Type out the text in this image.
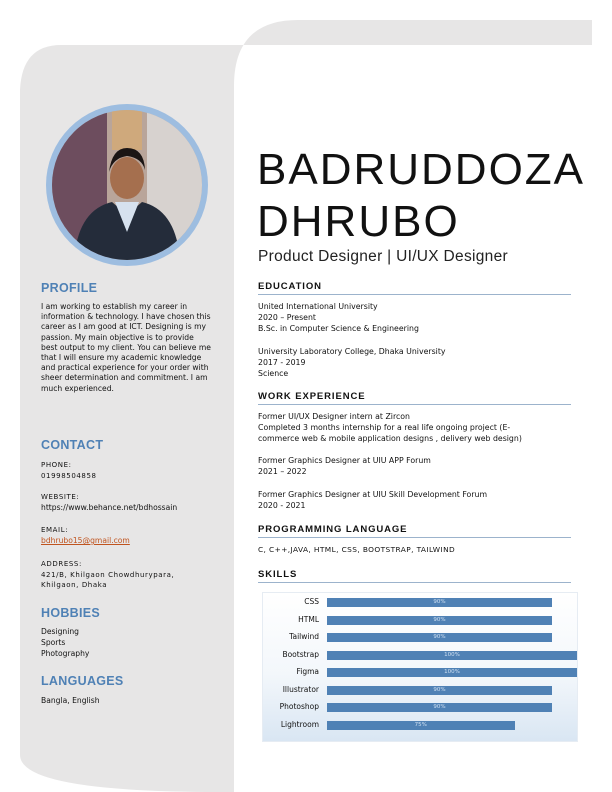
PROFILE
I am working to establish my career in information & technology. I have chosen this career as I am good at ICT. Designing is my passion. My main objective is to provide best output to my client. You can believe me that I will ensure my academic knowledge and practical experience for your order with sheer determination and commitment. I am much experienced.
CONTACT
PHONE:
01998504858
WEBSITE:
https://www.behance.net/bdhossain
EMAIL:
bdhrubo15@gmail.com
ADDRESS:
421/B, Khilgaon Chowdhurypara,
Khilgaon, Dhaka
HOBBIES
Designing
Sports
Photography
LANGUAGES
Bangla, English
BADRUDDOZA
DHRUBO
Product Designer | UI/UX Designer
EDUCATION
United International University
2020 – Present
B.Sc. in Computer Science & Engineering
University Laboratory College, Dhaka University
2017 - 2019
Science
WORK EXPERIENCE
Former UI/UX Designer intern at Zircon
Completed 3 months internship for a real life ongoing project (E-
commerce web & mobile application designs , delivery web design)
Former Graphics Designer at UIU APP Forum
2021 – 2022
Former Graphics Designer at UIU Skill Development Forum
2020 - 2021
PROGRAMMING LANGUAGE
C, C++,JAVA, HTML, CSS, BOOTSTRAP, TAILWIND
SKILLS
CSS	90%
HTML	90%
Tailwind	90%
Bootstrap	100%
Figma	100%
Illustrator	90%
Photoshop	90%
Lightroom	75%
